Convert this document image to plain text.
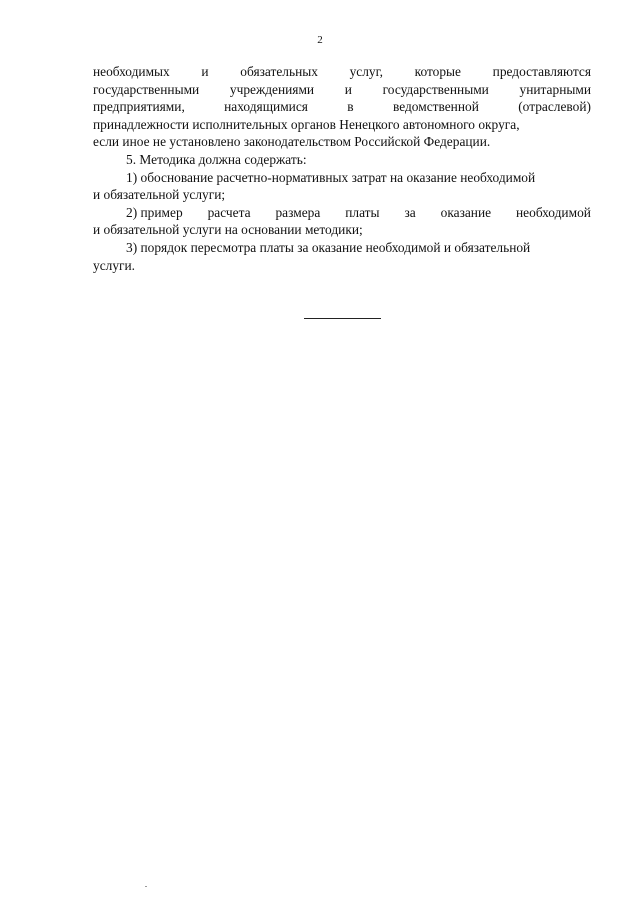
2
необходимых и обязательных услуг, которые предоставляются
государственными учреждениями и государственными унитарными
предприятиями,	находящимися	в	ведомственной	(отраслевой)
принадлежности исполнительных органов Ненецкого автономного округа,
если иное не установлено законодательством Российской Федерации.
5. Методика должна содержать:
1) обоснование расчетно-нормативных затрат на оказание необходимой
и обязательной услуги;
2) пример расчета размера платы за оказание необходимой
и обязательной услуги на основании методики;
3) порядок пересмотра платы за оказание необходимой и обязательной
услуги.
